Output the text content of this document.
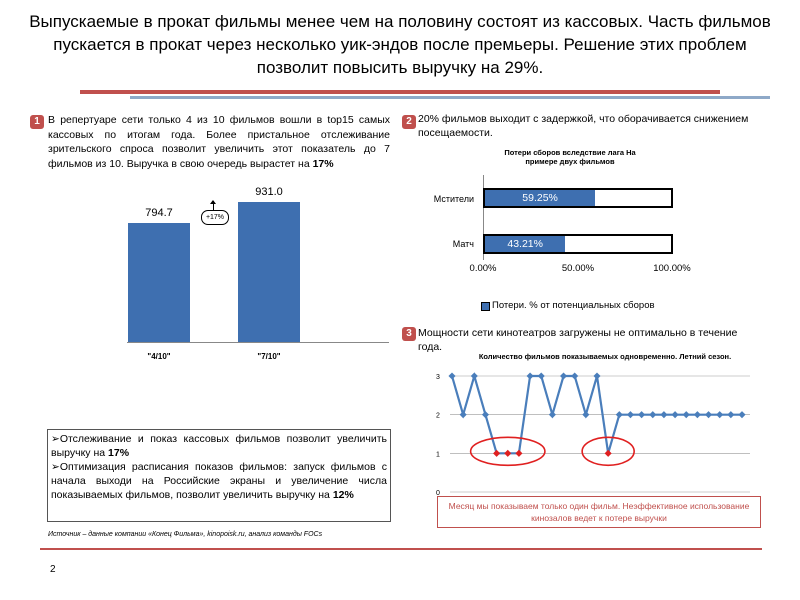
Выпускаемые в прокат фильмы менее чем на половину состоят из кассовых. Часть фильмов пускается в прокат через несколько уик-эндов после премьеры. Решение этих проблем позволит повысить выручку на 29%.
1 В репертуаре сети только 4 из 10 фильмов вошли в top15 самых кассовых по итогам года. Более пристальное отслеживание зрительского спроса позволит увеличить этот показатель до 7 фильмов из 10. Выручка в свою очередь вырастет на 17%
794.7
931.0
"4/10"	"7/10"
+17%
➢Отслеживание и показ кассовых фильмов позволит увеличить выручку на 17%
➢Оптимизация расписания показов фильмов: запуск фильмов с начала выходи на Российские экраны и увеличение числа показываемых фильмов, позволит увеличить выручку на 12%
Источник – данные компании «Конец Фильма», kinopoisk.ru, анализ команды FOCs
2
2 20% фильмов выходит с задержкой, что оборачивается снижением посещаемости.
Потери сборов вследствие лага На примере двух фильмов
Мстители
Матч
59.25%
43.21%
0.00%	50.00%	100.00%
Потери. % от потенциальных сборов
3 Мощности сети кинотеатров загружены не оптимально в течение года.
Количество фильмов показываемых одновременно. Летний сезон.
0
1
2
3
Месяц мы показываем только один фильм. Неэффективное использование кинозалов ведет к потере выручки
